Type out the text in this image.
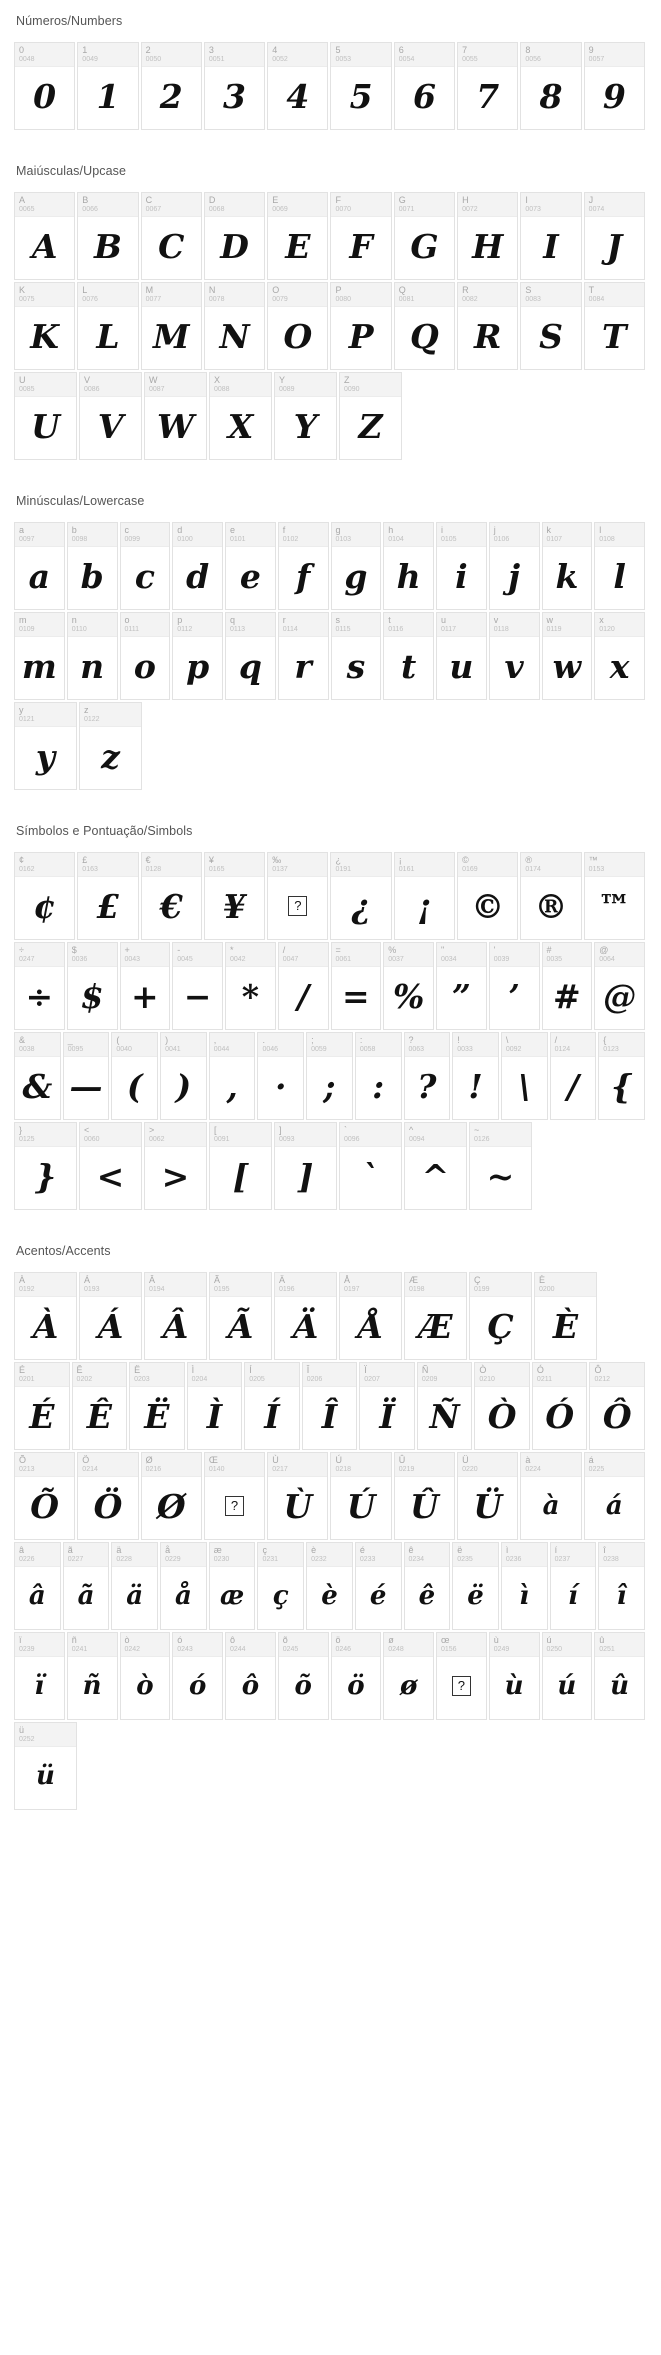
Números/Numbers
0
0048
0
1
0049
1
2
0050
2
3
0051
3
4
0052
4
5
0053
5
6
0054
6
7
0055
7
8
0056
8
9
0057
9
Maiúsculas/Upcase
A
0065
A
B
0066
B
C
0067
C
D
0068
D
E
0069
E
F
0070
F
G
0071
G
H
0072
H
I
0073
I
J
0074
J
K
0075
K
L
0076
L
M
0077
M
N
0078
N
O
0079
O
P
0080
P
Q
0081
Q
R
0082
R
S
0083
S
T
0084
T
U
0085
U
V
0086
V
W
0087
W
X
0088
X
Y
0089
Y
Z
0090
Z
Minúsculas/Lowercase
a
0097
a
b
0098
b
c
0099
c
d
0100
d
e
0101
e
f
0102
f
g
0103
g
h
0104
h
i
0105
i
j
0106
j
k
0107
k
l
0108
l
m
0109
m
n
0110
n
o
0111
o
p
0112
p
q
0113
q
r
0114
r
s
0115
s
t
0116
t
u
0117
u
v
0118
v
w
0119
w
x
0120
x
y
0121
y
z
0122
z
Símbolos e Pontuação/Simbols
¢
0162
¢
£
0163
£
€
0128
€
¥
0165
¥
‰
0137
?
¿
0191
¿
¡
0161
¡
©
0169
©
®
0174
®
™
0153
™
÷
0247
÷
$
0036
$
+
0043
+
-
0045
−
*
0042
*
/
0047
/
=
0061
=
%
0037
%
"
0034
”
'
0039
’
#
0035
#
@
0064
@
&
0038
&
_
0095
—
(
0040
(
)
0041
)
,
0044
,
.
0046
·
;
0059
;
:
0058
:
?
0063
?
!
0033
!
\
0092
\
/
0124
/
{
0123
{
}
0125
}
<
0060
<
>
0062
>
[
0091
[
]
0093
]
`
0096
`
^
0094
^
~
0126
~
Acentos/Accents
À
0192
À
Á
0193
Á
Â
0194
Â
Ã
0195
Ã
Ä
0196
Ä
Å
0197
Å
Æ
0198
Æ
Ç
0199
Ç
È
0200
È
É
0201
É
Ê
0202
Ê
Ë
0203
Ë
Ì
0204
Ì
Í
0205
Í
Î
0206
Î
Ï
0207
Ï
Ñ
0209
Ñ
Ò
0210
Ò
Ó
0211
Ó
Ô
0212
Ô
Õ
0213
Õ
Ö
0214
Ö
Ø
0216
Ø
Œ
0140
?
Ù
0217
Ù
Ú
0218
Ú
Û
0219
Û
Ü
0220
Ü
à
0224
à
á
0225
á
â
0226
â
ã
0227
ã
ä
0228
ä
å
0229
å
æ
0230
æ
ç
0231
ç
è
0232
è
é
0233
é
ê
0234
ê
ë
0235
ë
ì
0236
ì
í
0237
í
î
0238
î
ï
0239
ï
ñ
0241
ñ
ò
0242
ò
ó
0243
ó
ô
0244
ô
õ
0245
õ
ö
0246
ö
ø
0248
ø
œ
0156
?
ù
0249
ù
ú
0250
ú
û
0251
û
ü
0252
ü
